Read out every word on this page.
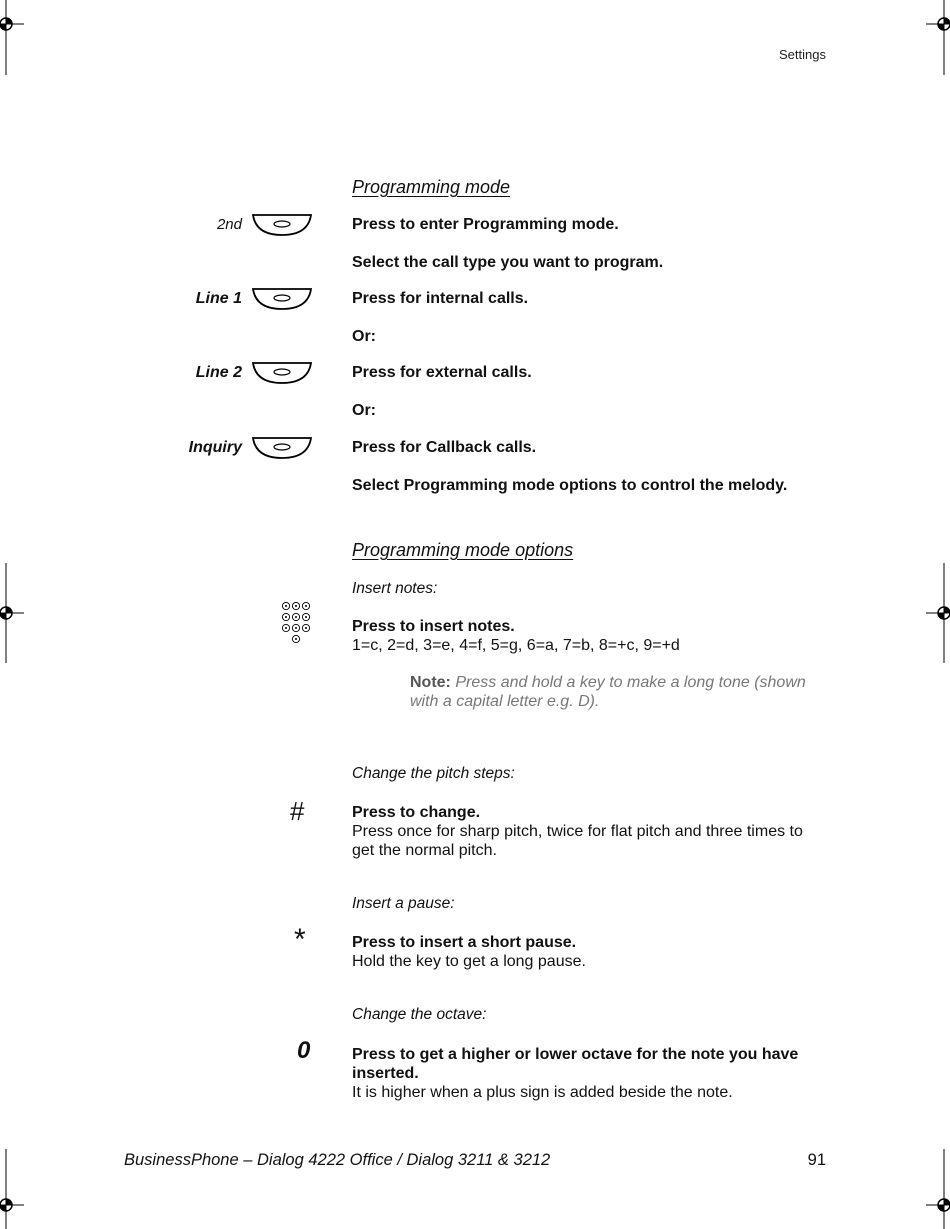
Settings
Programming mode
2nd	Press to enter Programming mode.
Select the call type you want to program.
Line 1	Press for internal calls.
Or:
Line 2	Press for external calls.
Or:
Inquiry	Press for Callback calls.
Select Programming mode options to control the melody.
Programming mode options
Insert notes:
Press to insert notes.
1=c, 2=d, 3=e, 4=f, 5=g, 6=a, 7=b, 8=+c, 9=+d
Note: Press and hold a key to make a long tone (shown with a capital letter e.g. D).
Change the pitch steps:
#	Press to change.
Press once for sharp pitch, twice for flat pitch and three times to get the normal pitch.
Insert a pause:
*	Press to insert a short pause.
Hold the key to get a long pause.
Change the octave:
0	Press to get a higher or lower octave for the note you have inserted.
It is higher when a plus sign is added beside the note.
BusinessPhone – Dialog 4222 Office / Dialog 3211 & 3212	91
